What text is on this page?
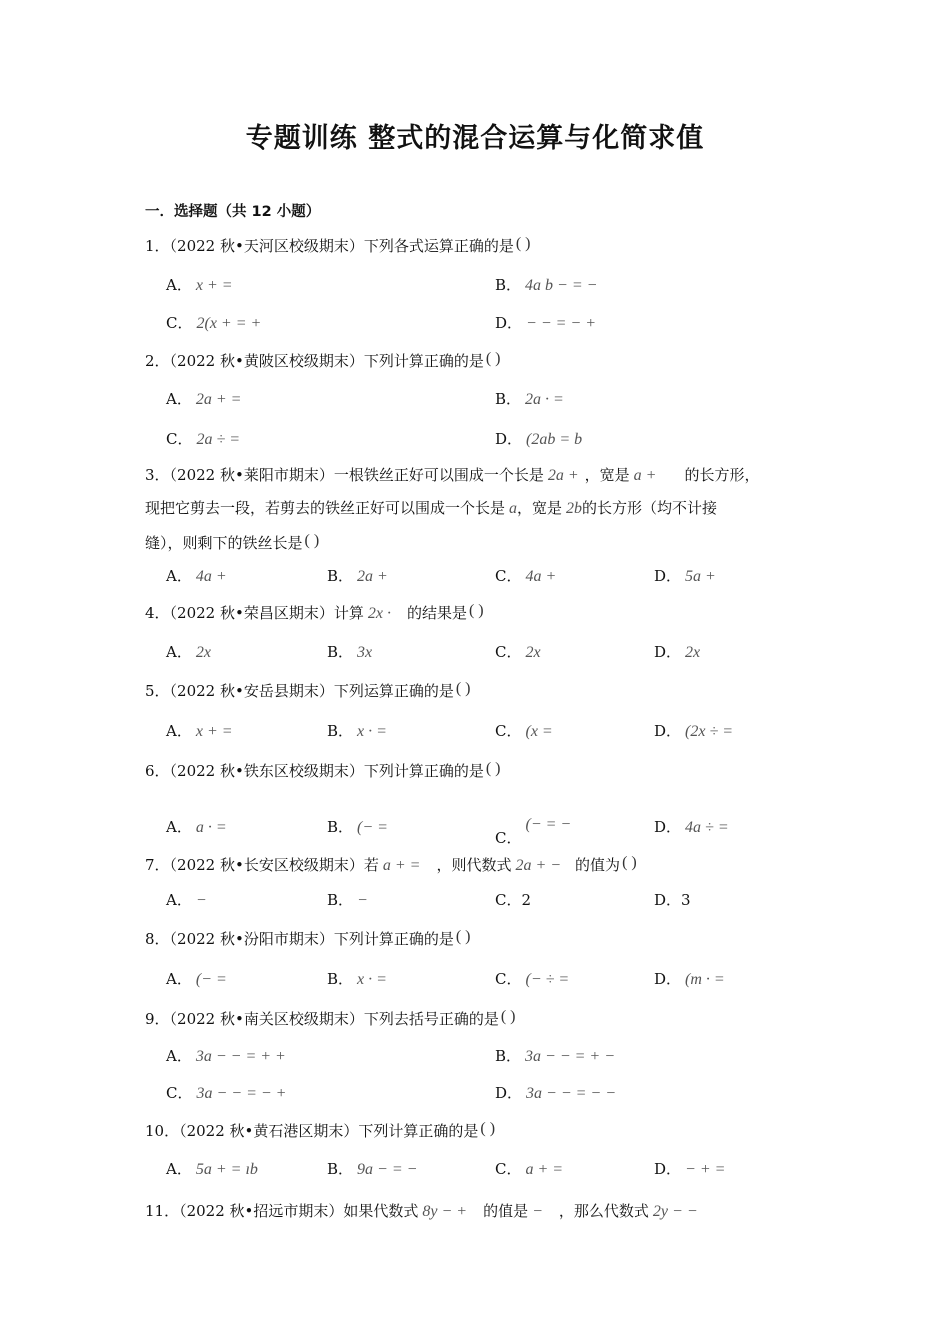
专题训练 整式的混合运算与化简求值
一．选择题（共 12 小题）
1．（2022 秋•天河区校级期末）下列各式运算正确的是 ( )
A． x + =	B． 4a b − = −
C． 2(x + = +	D． − − = − +
2．（2022 秋•黄陂区校级期末）下列计算正确的是 ( )
A． 2a + =	B． 2a · =
C． 2a ÷ =	D． (2ab = b
3．（2022 秋•莱阳市期末）一根铁丝正好可以围成一个长是 2a + ，宽是 a + 的长方形，
现把它剪去一段，若剪去的铁丝正好可以围成一个长是 a，宽是 2b的长方形（均不计接
缝），则剩下的铁丝长是 ( )
A． 4a +	B． 2a +	C． 4a +	D． 5a +
4．（2022 秋•荣昌区期末）计算 2x · 的结果是 ( )
A． 2x	B． 3x	C． 2x	D． 2x
5．（2022 秋•安岳县期末）下列运算正确的是 ( )
A． x + =	B． x · =	C． (x =	D． (2x ÷ =
6．（2022 秋•铁东区校级期末）下列计算正确的是 ( )
A． a · =	B． (− =
C．(− = −	D． 4a ÷ =
7．（2022 秋•长安区校级期末）若 a + = ，则代数式 2a + − 的值为 ( )
A． −	B． −	C．2	D．3
8．（2022 秋•汾阳市期末）下列计算正确的是 ( )
A． (− =	B． x · =	C． (− ÷ =	D． (m · =
9．（2022 秋•南关区校级期末）下列去括号正确的是 ( )
A． 3a − − = + +	B． 3a − − = + −
C． 3a − − = − +	D． 3a − − = − −
10．（2022 秋•黄石港区期末）下列计算正确的是 ( )
A． 5a + = ıb	B． 9a − = −	C． a + =	D． − + =
11．（2022 秋•招远市期末）如果代数式 8y − + 的值是 − ，那么代数式 2y − −
